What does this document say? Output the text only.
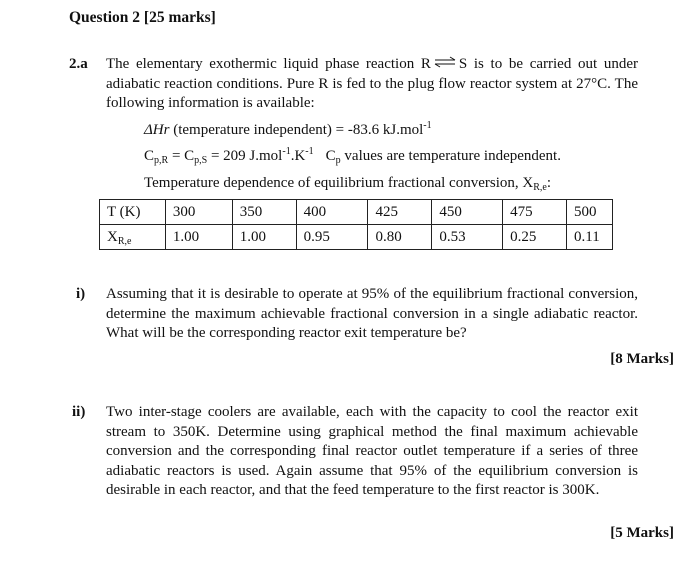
Question 2 [25 marks]
2.a The elementary exothermic liquid phase reaction R ⇌ S is to be carried out under adiabatic reaction conditions. Pure R is fed to the plug flow reactor system at 27°C. The following information is available:
ΔHr (temperature independent) = -83.6 kJ.mol$^{-1}$
$C_{p,R} = C_{p,S} = 209$ $J.mol^{-1}.K^{-1}$ $C_p$ values are temperature independent.
Temperature dependence of equilibrium fractional conversion, $X_{R,e}$:
T (K)	300	350	400	425	450	475	500
$X_{R,e}$	1.00	1.00	0.95	0.80	0.53	0.25	0.11
i) Assuming that it is desirable to operate at 95% of the equilibrium fractional conversion, determine the maximum achievable fractional conversion in a single adiabatic reactor. What will be the corresponding reactor exit temperature be?
[8 Marks]
ii) Two inter-stage coolers are available, each with the capacity to cool the reactor exit stream to 350K. Determine using graphical method the final maximum achievable conversion and the corresponding final reactor outlet temperature if a series of three adiabatic reactors is used. Again assume that 95% of the equilibrium conversion is desirable in each reactor, and that the feed temperature to the first reactor is 300K.
[5 Marks]
